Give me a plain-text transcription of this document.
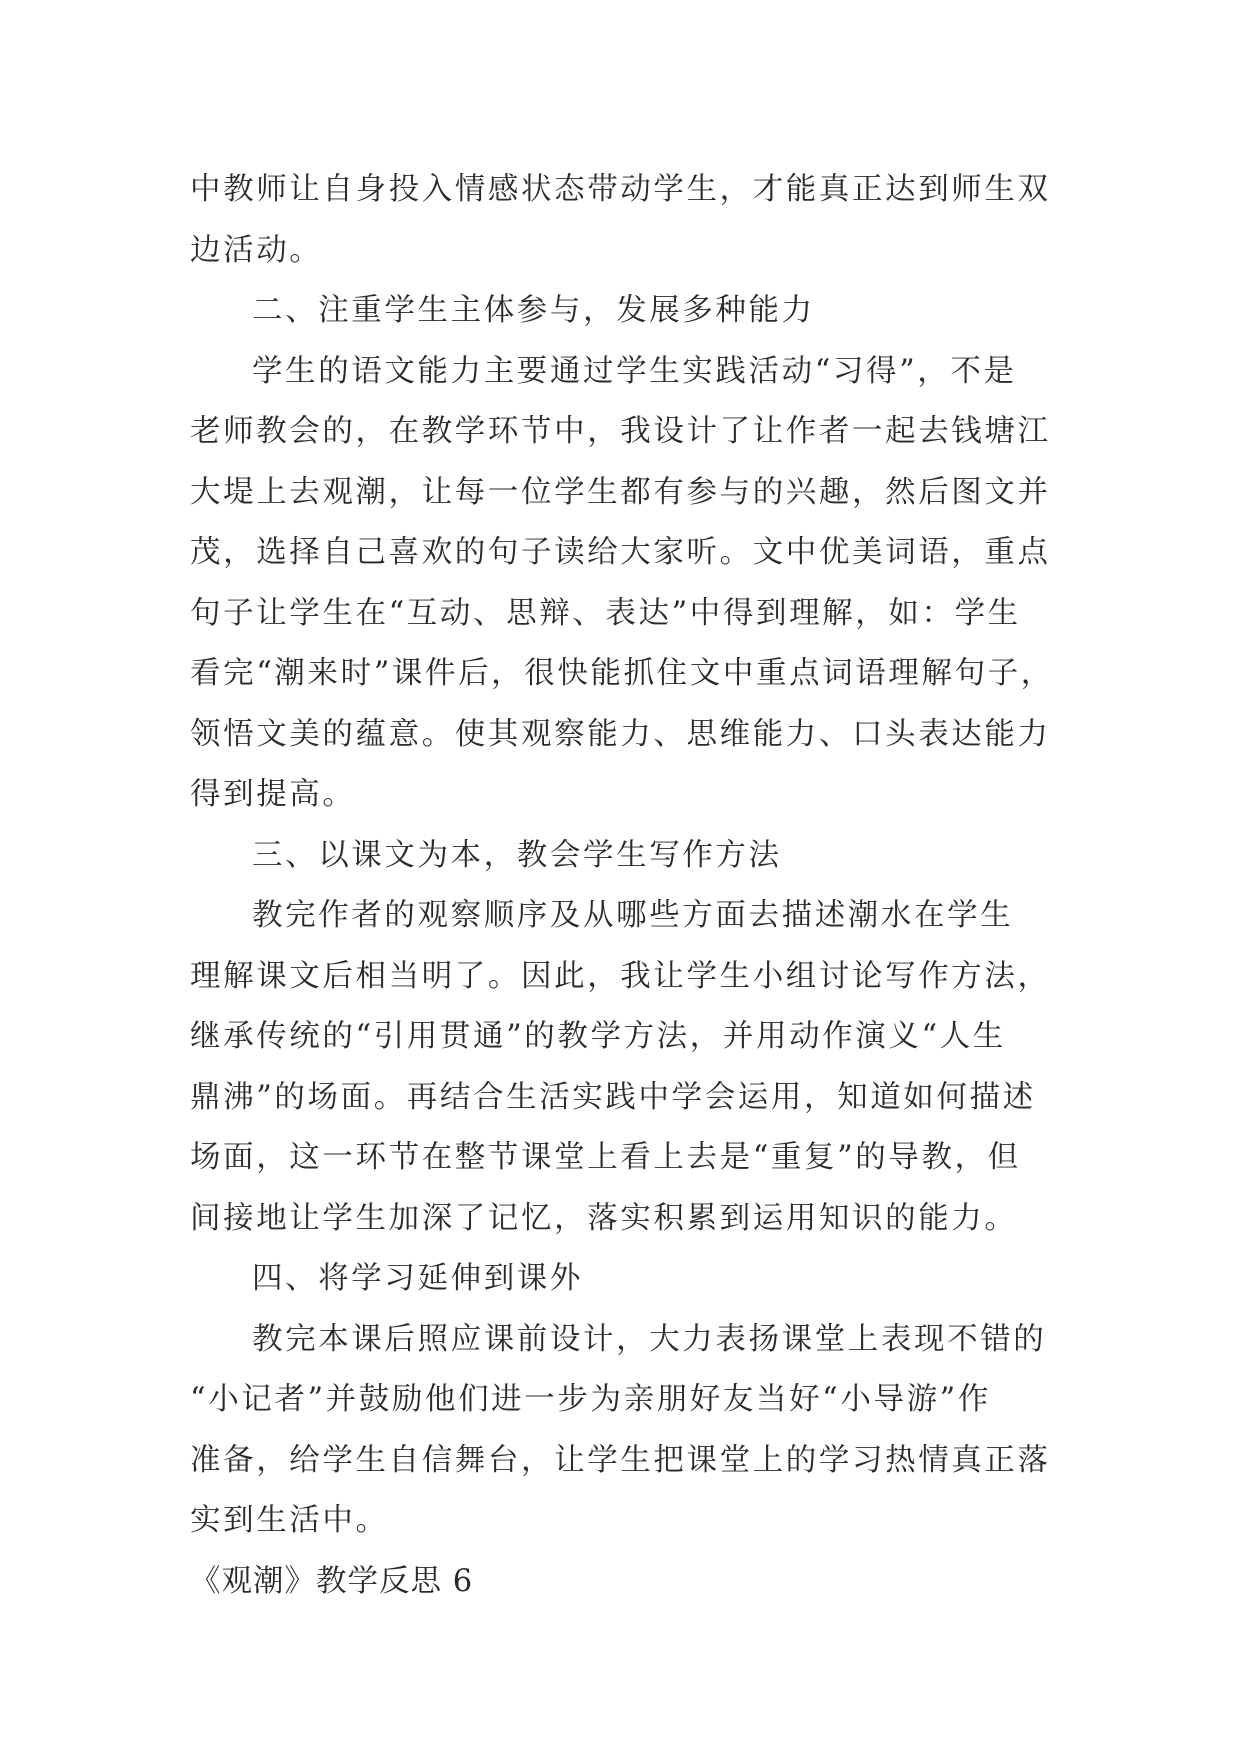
中教师让自身投入情感状态带动学生，才能真正达到师生双
边活动。
二、注重学生主体参与，发展多种能力
学生的语文能力主要通过学生实践活动“习得”，不是
老师教会的，在教学环节中，我设计了让作者一起去钱塘江
大堤上去观潮，让每一位学生都有参与的兴趣，然后图文并
茂，选择自己喜欢的句子读给大家听。文中优美词语，重点
句子让学生在“互动、思辩、表达”中得到理解，如：学生
看完“潮来时”课件后，很快能抓住文中重点词语理解句子，
领悟文美的蕴意。使其观察能力、思维能力、口头表达能力
得到提高。
三、以课文为本，教会学生写作方法
教完作者的观察顺序及从哪些方面去描述潮水在学生
理解课文后相当明了。因此，我让学生小组讨论写作方法，
继承传统的“引用贯通”的教学方法，并用动作演义“人生
鼎沸”的场面。再结合生活实践中学会运用，知道如何描述
场面，这一环节在整节课堂上看上去是“重复”的导教，但
间接地让学生加深了记忆，落实积累到运用知识的能力。
四、将学习延伸到课外
教完本课后照应课前设计，大力表扬课堂上表现不错的
“小记者”并鼓励他们进一步为亲朋好友当好“小导游”作
准备，给学生自信舞台，让学生把课堂上的学习热情真正落
实到生活中。
《观潮》教学反思 6
